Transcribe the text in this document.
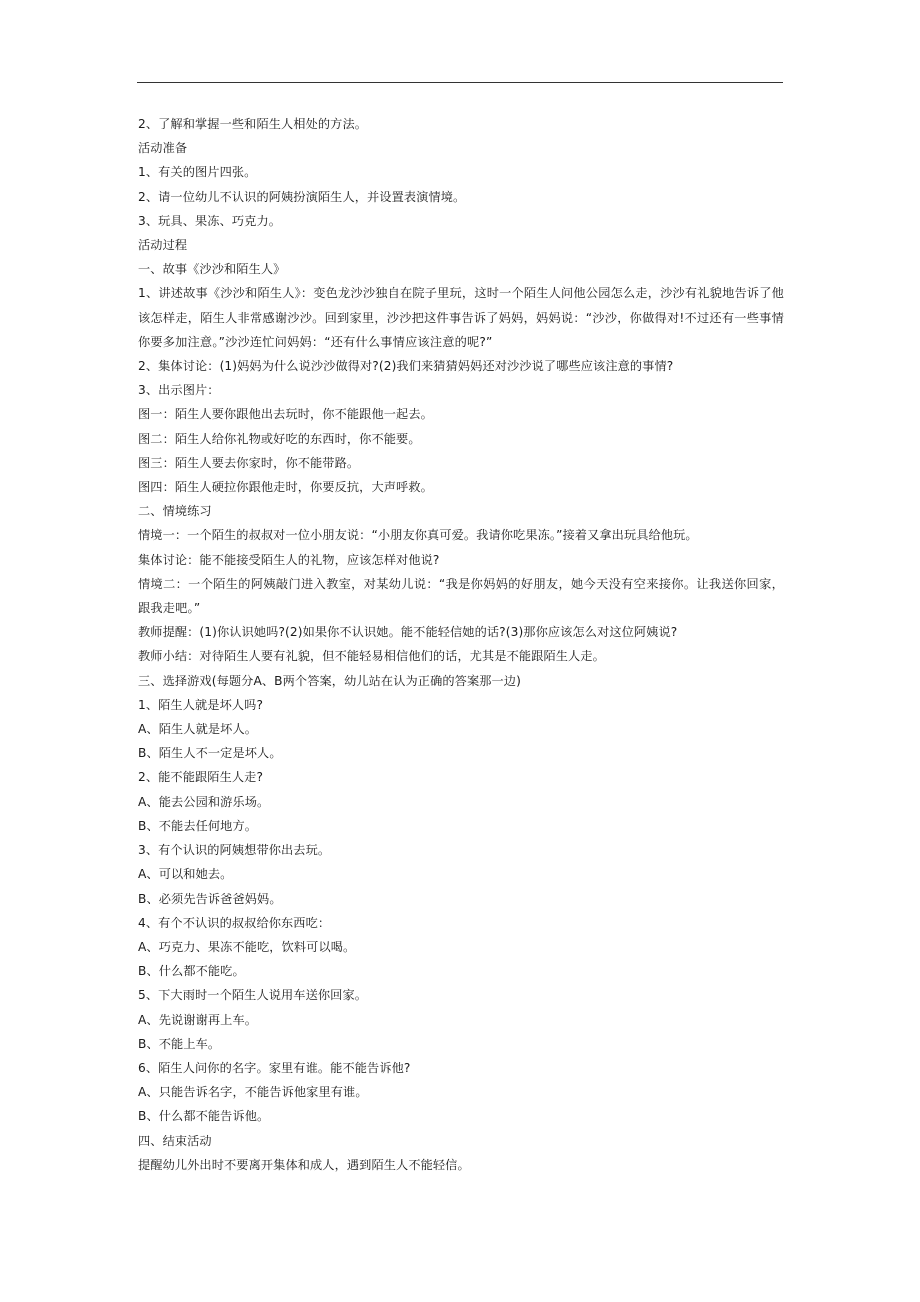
2、了解和掌握一些和陌生人相处的方法。
活动准备
1、有关的图片四张。
2、请一位幼儿不认识的阿姨扮演陌生人，并设置表演情境。
3、玩具、果冻、巧克力。
活动过程
一、故事《沙沙和陌生人》
1、讲述故事《沙沙和陌生人》：变色龙沙沙独自在院子里玩，这时一个陌生人问他公园怎么走，沙沙有礼貌地告诉了他该怎样走，陌生人非常感谢沙沙。回到家里，沙沙把这件事告诉了妈妈，妈妈说：“沙沙，你做得对!不过还有一些事情你要多加注意。”沙沙连忙问妈妈：“还有什么事情应该注意的呢?”
2、集体讨论：(1)妈妈为什么说沙沙做得对?(2)我们来猜猜妈妈还对沙沙说了哪些应该注意的事情?
3、出示图片：
图一：陌生人要你跟他出去玩时，你不能跟他一起去。
图二：陌生人给你礼物或好吃的东西时，你不能要。
图三：陌生人要去你家时，你不能带路。
图四：陌生人硬拉你跟他走时，你要反抗，大声呼救。
二、情境练习
情境一：一个陌生的叔叔对一位小朋友说：“小朋友你真可爱。我请你吃果冻。”接着又拿出玩具给他玩。
集体讨论：能不能接受陌生人的礼物，应该怎样对他说?
情境二：一个陌生的阿姨敲门进入教室，对某幼儿说：“我是你妈妈的好朋友，她今天没有空来接你。让我送你回家，跟我走吧。”
教师提醒：(1)你认识她吗?(2)如果你不认识她。能不能轻信她的话?(3)那你应该怎么对这位阿姨说?
教师小结：对待陌生人要有礼貌，但不能轻易相信他们的话，尤其是不能跟陌生人走。
三、选择游戏(每题分A、B两个答案，幼儿站在认为正确的答案那一边)
1、陌生人就是坏人吗?
A、陌生人就是坏人。
B、陌生人不一定是坏人。
2、能不能跟陌生人走?
A、能去公园和游乐场。
B、不能去任何地方。
3、有个认识的阿姨想带你出去玩。
A、可以和她去。
B、必须先告诉爸爸妈妈。
4、有个不认识的叔叔给你东西吃：
A、巧克力、果冻不能吃，饮料可以喝。
B、什么都不能吃。
5、下大雨时一个陌生人说用车送你回家。
A、先说谢谢再上车。
B、不能上车。
6、陌生人问你的名字。家里有谁。能不能告诉他?
A、只能告诉名字，不能告诉他家里有谁。
B、什么都不能告诉他。
四、结束活动
提醒幼儿外出时不要离开集体和成人，遇到陌生人不能轻信。
